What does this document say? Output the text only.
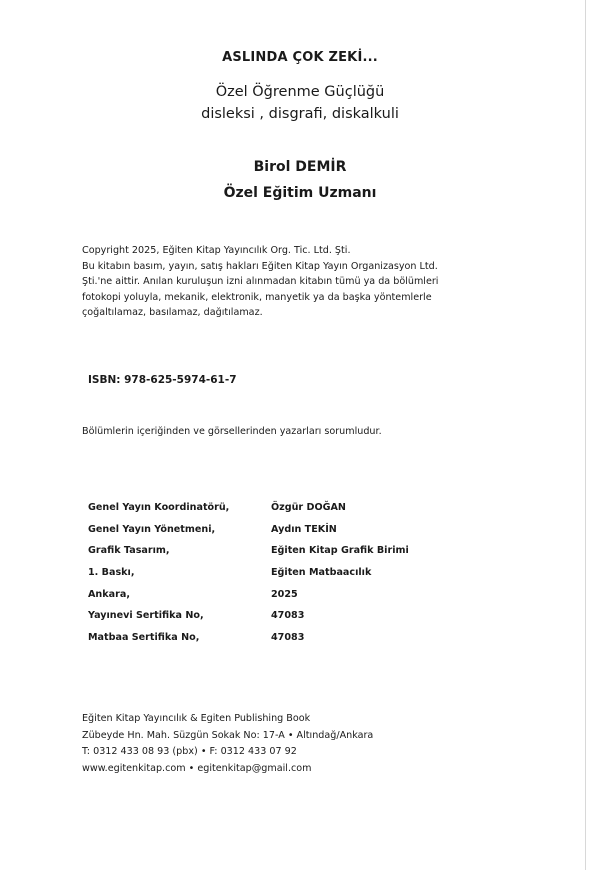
ASLINDA ÇOK ZEKİ...
Özel Öğrenme Güçlüğü
disleksi , disgrafi, diskalkuli
Birol DEMİR
Özel Eğitim Uzmanı
Copyright 2025, Eğiten Kitap Yayıncılık Org. Tic. Ltd. Şti.
Bu kitabın basım, yayın, satış hakları Eğiten Kitap Yayın Organizasyon Ltd.
Şti.'ne aittir. Anılan kuruluşun izni alınmadan kitabın tümü ya da bölümleri
fotokopi yoluyla, mekanik, elektronik, manyetik ya da başka yöntemlerle
çoğaltılamaz, basılamaz, dağıtılamaz.
ISBN: 978-625-5974-61-7
Bölümlerin içeriğinden ve görsellerinden yazarları sorumludur.
Genel Yayın Koordinatörü,	Özgür DOĞAN
Genel Yayın Yönetmeni,	Aydın TEKİN
Grafik Tasarım,	Eğiten Kitap Grafik Birimi
1. Baskı,	Eğiten Matbaacılık
Ankara,	2025
Yayınevi Sertifika No,	47083
Matbaa Sertifika No,	47083
Eğiten Kitap Yayıncılık & Egiten Publishing Book
Zübeyde Hn. Mah. Süzgün Sokak No: 17-A • Altındağ/Ankara
T: 0312 433 08 93 (pbx) • F: 0312 433 07 92
www.egitenkitap.com • egitenkitap@gmail.com
